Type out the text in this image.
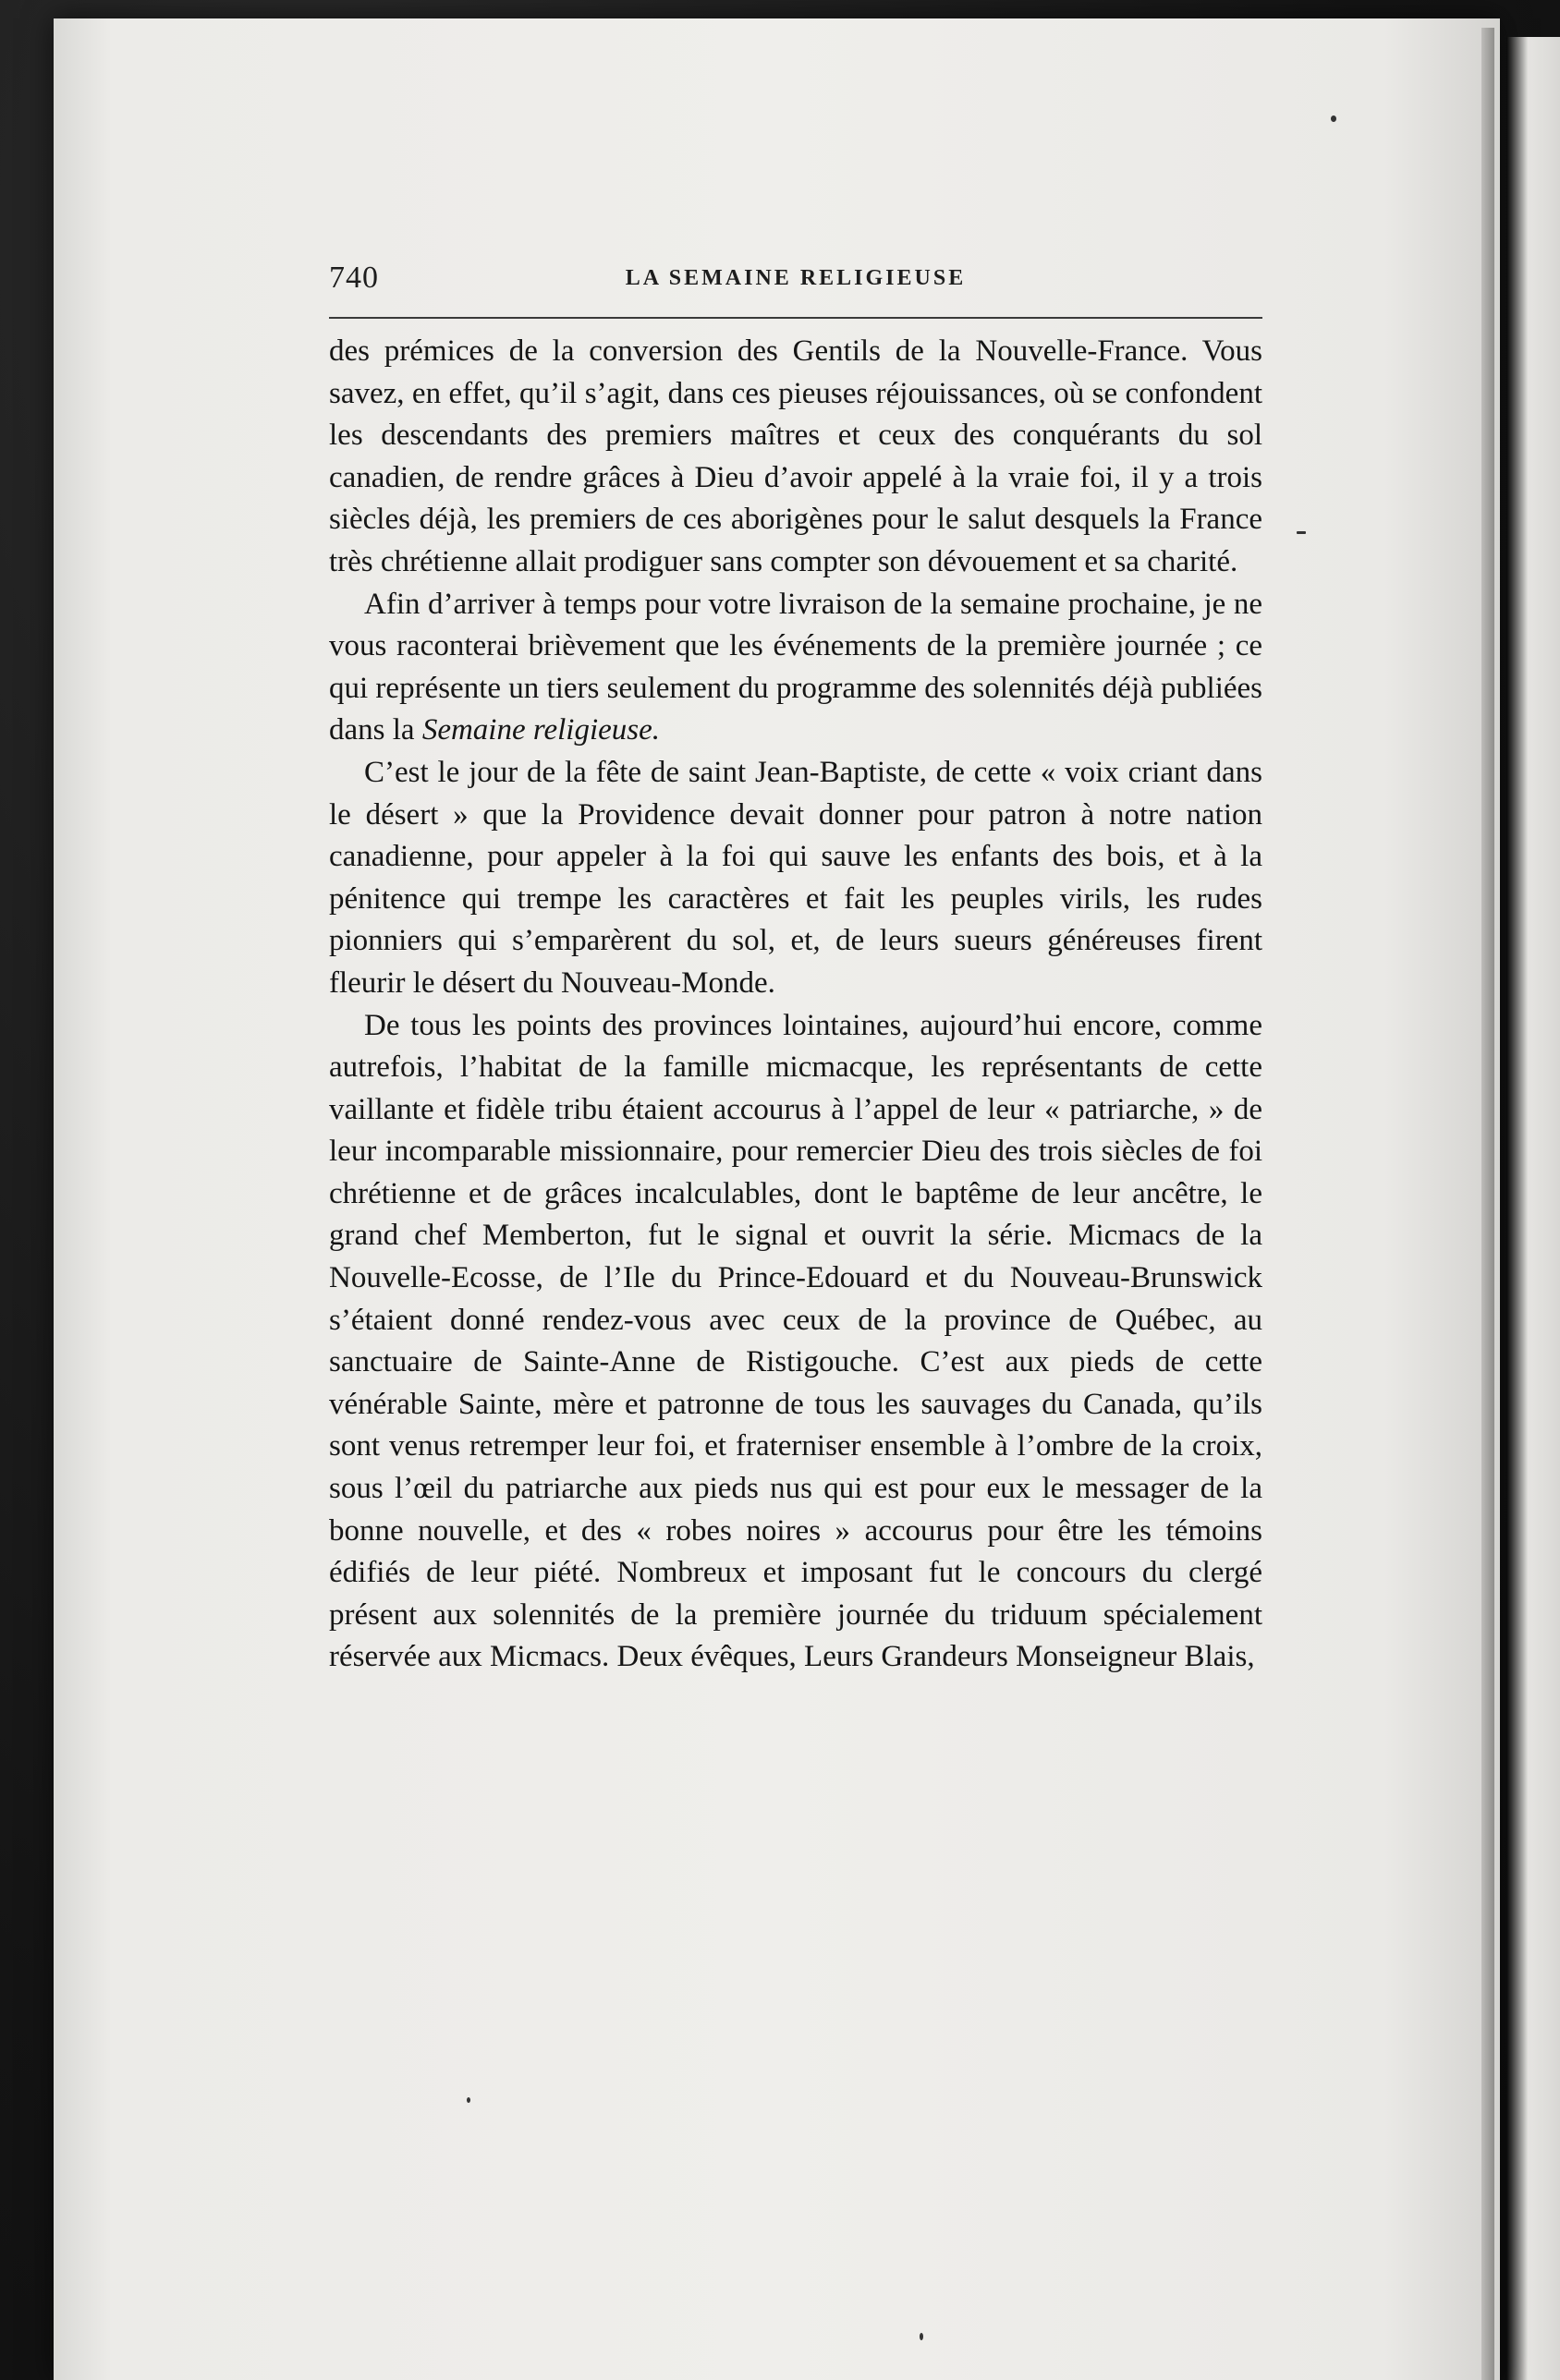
740	LA SEMAINE RELIGIEUSE

des prémices de la conversion des Gentils de la Nouvelle-France. Vous savez, en effet, qu’il s’agit, dans ces pieuses réjouissances, où se confondent les descendants des premiers maîtres et ceux des conquérants du sol canadien, de rendre grâces à Dieu d’avoir appelé à la vraie foi, il y a trois siècles déjà, les premiers de ces aborigènes pour le salut desquels la France très chrétienne allait prodiguer sans compter son dévouement et sa charité.

Afin d’arriver à temps pour votre livraison de la semaine prochaine, je ne vous raconterai brièvement que les événements de la première journée ; ce qui représente un tiers seulement du programme des solennités déjà publiées dans la Semaine religieuse.

C’est le jour de la fête de saint Jean-Baptiste, de cette « voix criant dans le désert » que la Providence devait donner pour patron à notre nation canadienne, pour appeler à la foi qui sauve les enfants des bois, et à la pénitence qui trempe les caractères et fait les peuples virils, les rudes pionniers qui s’emparèrent du sol, et, de leurs sueurs généreuses firent fleurir le désert du Nouveau-Monde.

De tous les points des provinces lointaines, aujourd’hui encore, comme autrefois, l’habitat de la famille micmacque, les représentants de cette vaillante et fidèle tribu étaient accourus à l’appel de leur « patriarche, » de leur incomparable missionnaire, pour remercier Dieu des trois siècles de foi chrétienne et de grâces incalculables, dont le baptême de leur ancêtre, le grand chef Memberton, fut le signal et ouvrit la série. Micmacs de la Nouvelle-Ecosse, de l’Ile du Prince-Edouard et du Nouveau-Brunswick s’étaient donné rendez-vous avec ceux de la province de Québec, au sanctuaire de Sainte-Anne de Ristigouche. C’est aux pieds de cette vénérable Sainte, mère et patronne de tous les sauvages du Canada, qu’ils sont venus retremper leur foi, et fraterniser ensemble à l’ombre de la croix, sous l’œil du patriarche aux pieds nus qui est pour eux le messager de la bonne nouvelle, et des « robes noires » accourus pour être les témoins édifiés de leur piété. Nombreux et imposant fut le concours du clergé présent aux solennités de la première journée du triduum spécialement réservée aux Micmacs. Deux évêques, Leurs Grandeurs Monseigneur Blais,
